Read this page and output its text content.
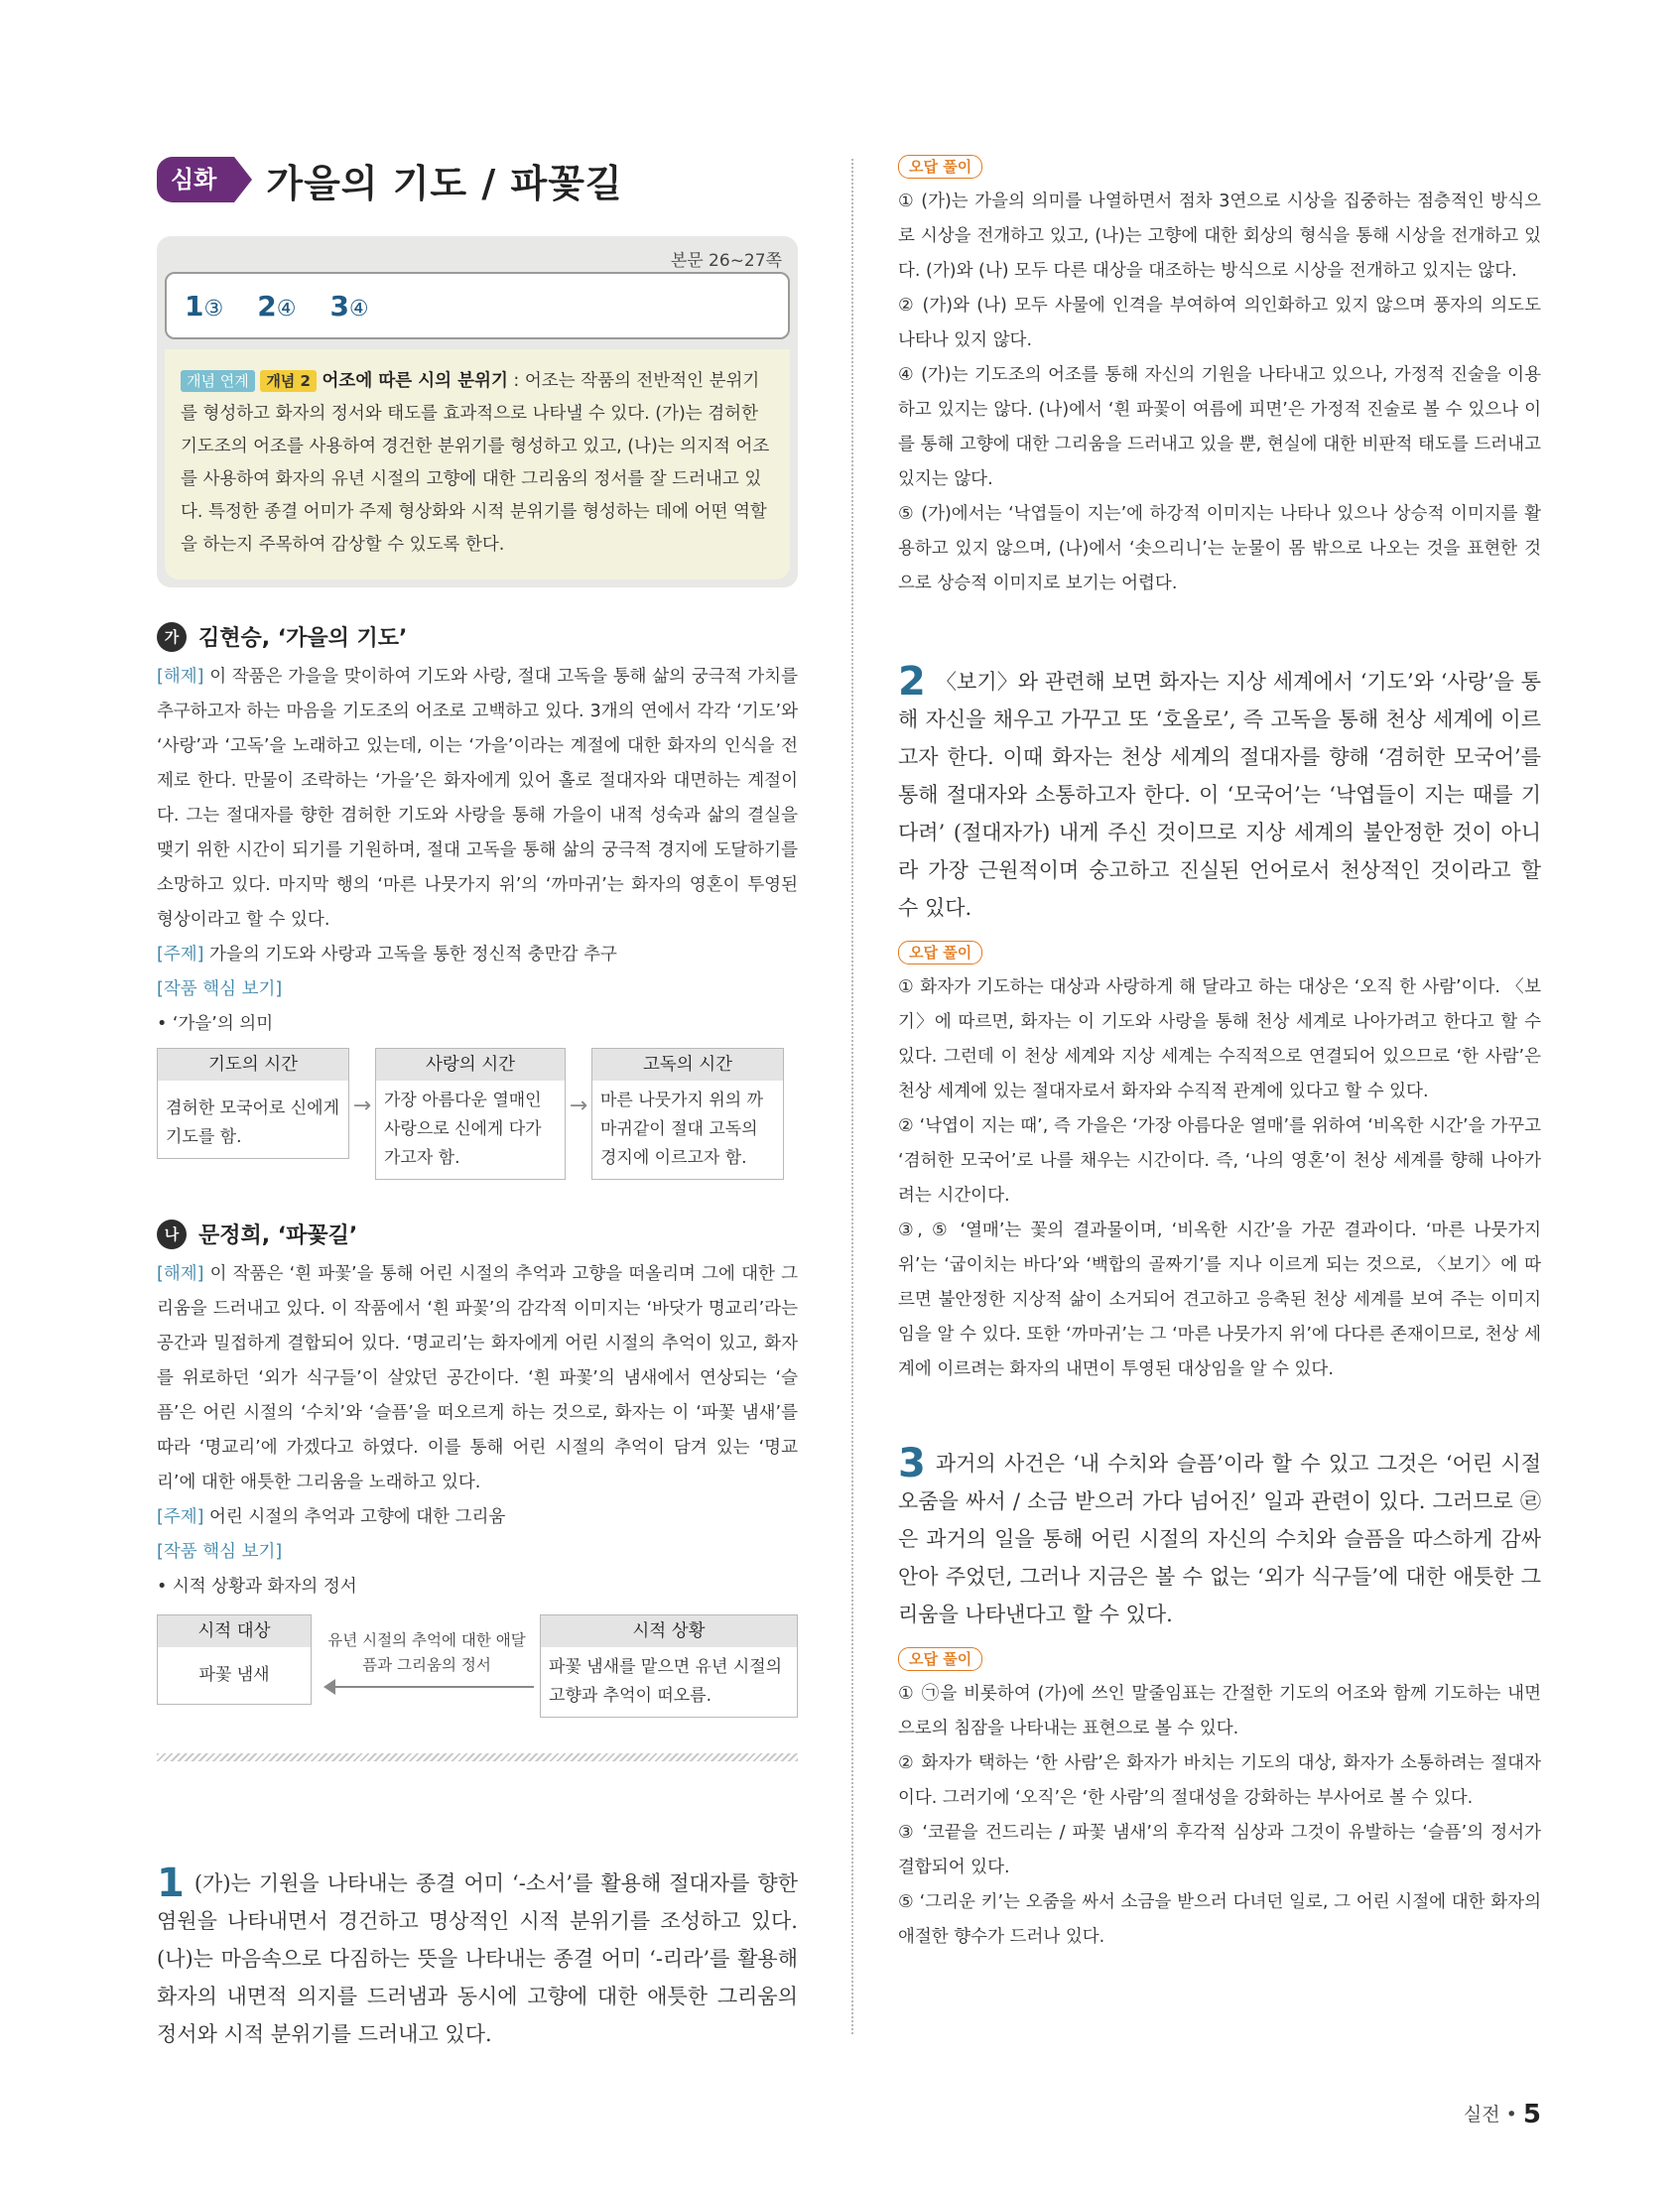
심화	가을의 기도 / 파꽃길
본문 26~27쪽
1③ 2④ 3④
개념 연계 개념 2 어조에 따른 시의 분위기 : 어조는 작품의 전반적인 분위기를 형성하고 화자의 정서와 태도를 효과적으로 나타낼 수 있다. (가)는 겸허한 기도조의 어조를 사용하여 경건한 분위기를 형성하고 있고, (나)는 의지적 어조를 사용하여 화자의 유년 시절의 고향에 대한 그리움의 정서를 잘 드러내고 있다. 특정한 종결 어미가 주제 형상화와 시적 분위기를 형성하는 데에 어떤 역할을 하는지 주목하여 감상할 수 있도록 한다.
가 김현승, ‘가을의 기도’
[해제] 이 작품은 가을을 맞이하여 기도와 사랑, 절대 고독을 통해 삶의 궁극적 가치를 추구하고자 하는 마음을 기도조의 어조로 고백하고 있다. 3개의 연에서 각각 ‘기도’와 ‘사랑’과 ‘고독’을 노래하고 있는데, 이는 ‘가을’이라는 계절에 대한 화자의 인식을 전제로 한다. 만물이 조락하는 ‘가을’은 화자에게 있어 홀로 절대자와 대면하는 계절이다. 그는 절대자를 향한 겸허한 기도와 사랑을 통해 가을이 내적 성숙과 삶의 결실을 맺기 위한 시간이 되기를 기원하며, 절대 고독을 통해 삶의 궁극적 경지에 도달하기를 소망하고 있다. 마지막 행의 ‘마른 나뭇가지 위’의 ‘까마귀’는 화자의 영혼이 투영된 형상이라고 할 수 있다.
[주제] 가을의 기도와 사랑과 고독을 통한 정신적 충만감 추구
[작품 핵심 보기]
• ‘가을’의 의미
기도의 시간
겸허한 모국어로 신에게 기도를 함.
→
사랑의 시간
가장 아름다운 열매인 사랑으로 신에게 다가가고자 함.
→
고독의 시간
마른 나뭇가지 위의 까마귀같이 절대 고독의 경지에 이르고자 함.
나 문정희, ‘파꽃길’
[해제] 이 작품은 ‘흰 파꽃’을 통해 어린 시절의 추억과 고향을 떠올리며 그에 대한 그리움을 드러내고 있다. 이 작품에서 ‘흰 파꽃’의 감각적 이미지는 ‘바닷가 명교리’라는 공간과 밀접하게 결합되어 있다. ‘명교리’는 화자에게 어린 시절의 추억이 있고, 화자를 위로하던 ‘외가 식구들’이 살았던 공간이다. ‘흰 파꽃’의 냄새에서 연상되는 ‘슬픔’은 어린 시절의 ‘수치’와 ‘슬픔’을 떠오르게 하는 것으로, 화자는 이 ‘파꽃 냄새’를 따라 ‘명교리’에 가겠다고 하였다. 이를 통해 어린 시절의 추억이 담겨 있는 ‘명교리’에 대한 애틋한 그리움을 노래하고 있다.
[주제] 어린 시절의 추억과 고향에 대한 그리움
[작품 핵심 보기]
• 시적 상황과 화자의 정서
시적 대상
파꽃 냄새
유년 시절의 추억에 대한 애달픔과 그리움의 정서
시적 상황
파꽃 냄새를 맡으면 유년 시절의 고향과 추억이 떠오름.
1 (가)는 기원을 나타내는 종결 어미 ‘-소서’를 활용해 절대자를 향한 염원을 나타내면서 경건하고 명상적인 시적 분위기를 조성하고 있다. (나)는 마음속으로 다짐하는 뜻을 나타내는 종결 어미 ‘-리라’를 활용해 화자의 내면적 의지를 드러냄과 동시에 고향에 대한 애틋한 그리움의 정서와 시적 분위기를 드러내고 있다.
오답 풀이
① (가)는 가을의 의미를 나열하면서 점차 3연으로 시상을 집중하는 점층적인 방식으로 시상을 전개하고 있고, (나)는 고향에 대한 회상의 형식을 통해 시상을 전개하고 있다. (가)와 (나) 모두 다른 대상을 대조하는 방식으로 시상을 전개하고 있지는 않다.
② (가)와 (나) 모두 사물에 인격을 부여하여 의인화하고 있지 않으며 풍자의 의도도 나타나 있지 않다.
④ (가)는 기도조의 어조를 통해 자신의 기원을 나타내고 있으나, 가정적 진술을 이용하고 있지는 않다. (나)에서 ‘흰 파꽃이 여름에 피면’은 가정적 진술로 볼 수 있으나 이를 통해 고향에 대한 그리움을 드러내고 있을 뿐, 현실에 대한 비판적 태도를 드러내고 있지는 않다.
⑤ (가)에서는 ‘낙엽들이 지는’에 하강적 이미지는 나타나 있으나 상승적 이미지를 활용하고 있지 않으며, (나)에서 ‘솟으리니’는 눈물이 몸 밖으로 나오는 것을 표현한 것으로 상승적 이미지로 보기는 어렵다.
2 〈보기〉와 관련해 보면 화자는 지상 세계에서 ‘기도’와 ‘사랑’을 통해 자신을 채우고 가꾸고 또 ‘호올로’, 즉 고독을 통해 천상 세계에 이르고자 한다. 이때 화자는 천상 세계의 절대자를 향해 ‘겸허한 모국어’를 통해 절대자와 소통하고자 한다. 이 ‘모국어’는 ‘낙엽들이 지는 때를 기다려’ (절대자가) 내게 주신 것이므로 지상 세계의 불안정한 것이 아니라 가장 근원적이며 숭고하고 진실된 언어로서 천상적인 것이라고 할 수 있다.
오답 풀이
① 화자가 기도하는 대상과 사랑하게 해 달라고 하는 대상은 ‘오직 한 사람’이다. 〈보기〉에 따르면, 화자는 이 기도와 사랑을 통해 천상 세계로 나아가려고 한다고 할 수 있다. 그런데 이 천상 세계와 지상 세계는 수직적으로 연결되어 있으므로 ‘한 사람’은 천상 세계에 있는 절대자로서 화자와 수직적 관계에 있다고 할 수 있다.
② ‘낙엽이 지는 때’, 즉 가을은 ‘가장 아름다운 열매’를 위하여 ‘비옥한 시간’을 가꾸고 ‘겸허한 모국어’로 나를 채우는 시간이다. 즉, ‘나의 영혼’이 천상 세계를 향해 나아가려는 시간이다.
③, ⑤ ‘열매’는 꽃의 결과물이며, ‘비옥한 시간’을 가꾼 결과이다. ‘마른 나뭇가지 위’는 ‘굽이치는 바다’와 ‘백합의 골짜기’를 지나 이르게 되는 것으로, 〈보기〉에 따르면 불안정한 지상적 삶이 소거되어 견고하고 응축된 천상 세계를 보여 주는 이미지임을 알 수 있다. 또한 ‘까마귀’는 그 ‘마른 나뭇가지 위’에 다다른 존재이므로, 천상 세계에 이르려는 화자의 내면이 투영된 대상임을 알 수 있다.
3 과거의 사건은 ‘내 수치와 슬픔’이라 할 수 있고 그것은 ‘어린 시절 오줌을 싸서 / 소금 받으러 가다 넘어진’ 일과 관련이 있다. 그러므로 ㉣은 과거의 일을 통해 어린 시절의 자신의 수치와 슬픔을 따스하게 감싸 안아 주었던, 그러나 지금은 볼 수 없는 ‘외가 식구들’에 대한 애틋한 그리움을 나타낸다고 할 수 있다.
오답 풀이
① ㉠을 비롯하여 (가)에 쓰인 말줄임표는 간절한 기도의 어조와 함께 기도하는 내면으로의 침잠을 나타내는 표현으로 볼 수 있다.
② 화자가 택하는 ‘한 사람’은 화자가 바치는 기도의 대상, 화자가 소통하려는 절대자이다. 그러기에 ‘오직’은 ‘한 사람’의 절대성을 강화하는 부사어로 볼 수 있다.
③ ‘코끝을 건드리는 / 파꽃 냄새’의 후각적 심상과 그것이 유발하는 ‘슬픔’의 정서가 결합되어 있다.
⑤ ‘그리운 키’는 오줌을 싸서 소금을 받으러 다녀던 일로, 그 어린 시절에 대한 화자의 애절한 향수가 드러나 있다.
실전 • 5
